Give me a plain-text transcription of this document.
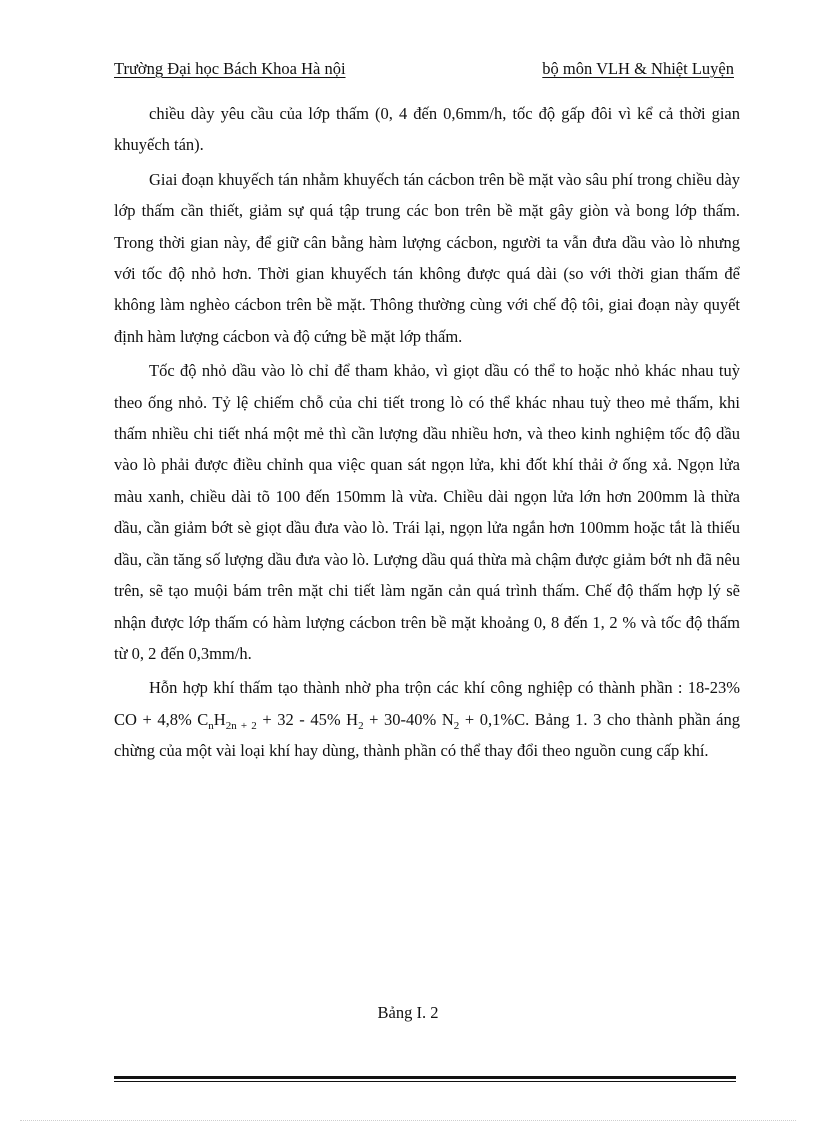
Trường Đại học Bách Khoa Hà nội	bộ môn VLH & Nhiệt Luyện

chiều dày yêu cầu của lớp thấm (0, 4 đến 0,6mm/h, tốc độ gấp đôi vì kể cả thời gian khuyếch tán).

Giai đoạn khuyếch tán nhằm khuyếch tán cácbon trên bề mặt vào sâu phí trong chiều dày lớp thấm cần thiết, giảm sự quá tập trung các bon trên bề mặt gây giòn và bong lớp thấm. Trong thời gian này, để giữ cân bằng hàm lượng cácbon, người ta vẫn đưa dầu vào lò nhưng với tốc độ nhỏ hơn. Thời gian khuyếch tán không được quá dài (so với thời gian thấm để không làm nghèo cácbon trên bề mặt. Thông thường cùng với chế độ tôi, giai đoạn này quyết định hàm lượng cácbon và độ cứng bề mặt lớp thấm.

Tốc độ nhỏ dầu vào lò chỉ để tham khảo, vì giọt dầu có thể to hoặc nhỏ khác nhau tuỳ theo ống nhỏ. Tỷ lệ chiếm chỗ của chi tiết trong lò có thể khác nhau tuỳ theo mẻ thấm, khi thấm nhiều chi tiết nhá một mẻ thì cần lượng dầu nhiều hơn, và theo kinh nghiệm tốc độ dầu vào lò phải được điều chỉnh qua việc quan sát ngọn lửa, khi đốt khí thải ở ống xả. Ngọn lửa màu xanh, chiều dài tõ 100 đến 150mm là vừa. Chiều dài ngọn lửa lớn hơn 200mm là thừa dầu, cần giảm bớt sè giọt dầu đưa vào lò. Trái lại, ngọn lửa ngắn hơn 100mm hoặc tắt là thiếu dầu, cần tăng số lượng dầu đưa vào lò. Lượng dầu quá thừa mà chậm được giảm bớt nh đã nêu trên, sẽ tạo muội bám trên mặt chi tiết làm ngăn cản quá trình thấm. Chế độ thấm hợp lý sẽ nhận được lớp thấm có hàm lượng cácbon trên bề mặt khoảng 0, 8 đến 1, 2 % và tốc độ thấm từ 0, 2 đến 0,3mm/h.

Hỗn hợp khí thấm tạo thành nhờ pha trộn các khí công nghiệp có thành phần : 18-23% CO + 4,8% $C_nH_{2n + 2} + 32 - 45\%$ $H_2 + 30-40\%$ $N_2 + 0,1\%C$. Bảng 1. 3 cho thành phần áng chừng của một vài loại khí hay dùng, thành phần có thể thay đổi theo nguồn cung cấp khí.

Bảng I. 2
